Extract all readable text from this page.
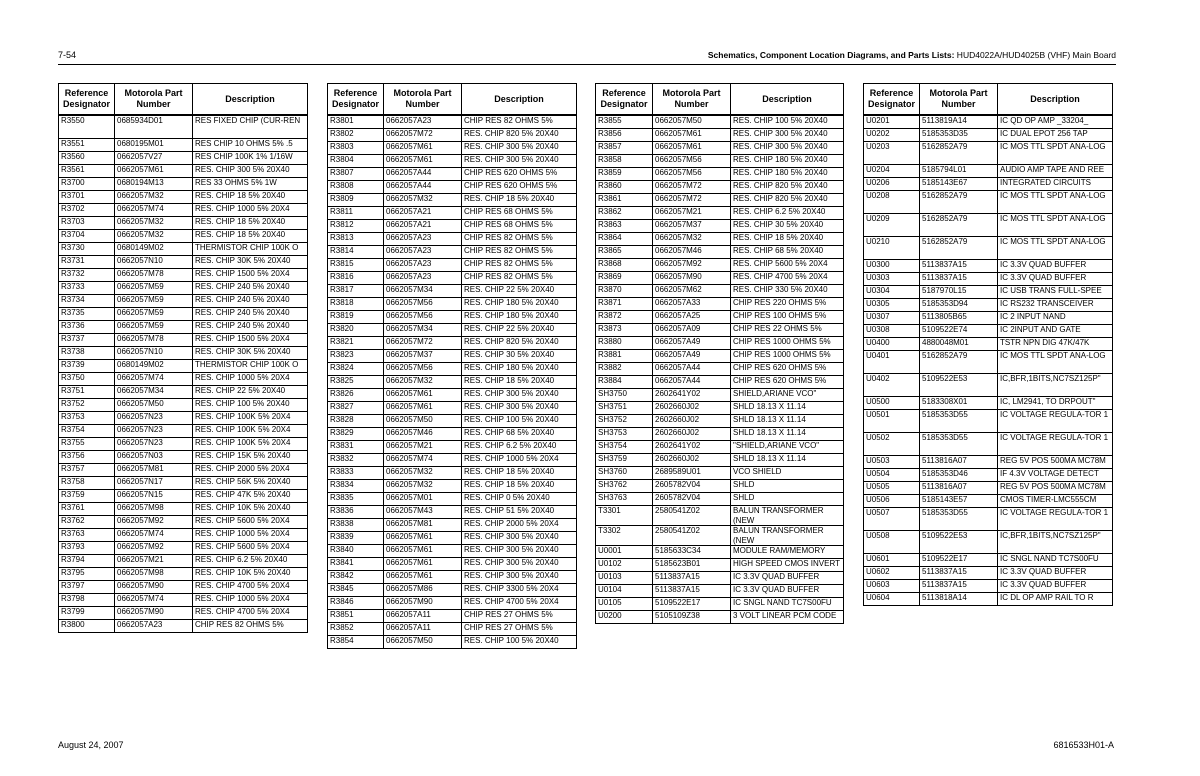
7-54	Schematics, Component Location Diagrams, and Parts Lists: HUD4022A/HUD4025B (VHF) Main Board
Reference Designator	Motorola Part Number	Description
R3550	0685934D01	RES FIXED CHIP (CUR-REN
R3551	0680195M01	RES CHIP 10 OHMS 5% .5
R3560	0662057V27	RES CHIP 100K 1% 1/16W
R3561	0662057M61	RES. CHIP 300 5% 20X40
R3700	0680194M13	RES 33 OHMS 5% 1W
R3701	0662057M32	RES. CHIP 18 5% 20X40
R3702	0662057M74	RES. CHIP 1000 5% 20X4
R3703	0662057M32	RES. CHIP 18 5% 20X40
R3704	0662057M32	RES. CHIP 18 5% 20X40
R3730	0680149M02	THERMISTOR CHIP 100K O
R3731	0662057N10	RES. CHIP 30K 5% 20X40
R3732	0662057M78	RES. CHIP 1500 5% 20X4
R3733	0662057M59	RES. CHIP 240 5% 20X40
R3734	0662057M59	RES. CHIP 240 5% 20X40
R3735	0662057M59	RES. CHIP 240 5% 20X40
R3736	0662057M59	RES. CHIP 240 5% 20X40
R3737	0662057M78	RES. CHIP 1500 5% 20X4
R3738	0662057N10	RES. CHIP 30K 5% 20X40
R3739	0680149M02	THERMISTOR CHIP 100K O
R3750	0662057M74	RES. CHIP 1000 5% 20X4
R3751	0662057M34	RES. CHIP 22 5% 20X40
R3752	0662057M50	RES. CHIP 100 5% 20X40
R3753	0662057N23	RES. CHIP 100K 5% 20X4
R3754	0662057N23	RES. CHIP 100K 5% 20X4
R3755	0662057N23	RES. CHIP 100K 5% 20X4
R3756	0662057N03	RES. CHIP 15K 5% 20X40
R3757	0662057M81	RES. CHIP 2000 5% 20X4
R3758	0662057N17	RES. CHIP 56K 5% 20X40
R3759	0662057N15	RES. CHIP 47K 5% 20X40
R3761	0662057M98	RES. CHIP 10K 5% 20X40
R3762	0662057M92	RES. CHIP 5600 5% 20X4
R3763	0662057M74	RES. CHIP 1000 5% 20X4
R3793	0662057M92	RES. CHIP 5600 5% 20X4
R3794	0662057M21	RES. CHIP 6.2 5% 20X40
R3795	0662057M98	RES. CHIP 10K 5% 20X40
R3797	0662057M90	RES. CHIP 4700 5% 20X4
R3798	0662057M74	RES. CHIP 1000 5% 20X4
R3799	0662057M90	RES. CHIP 4700 5% 20X4
R3800	0662057A23	CHIP RES 82 OHMS 5%
Reference Designator	Motorola Part Number	Description
R3801	0662057A23	CHIP RES 82 OHMS 5%
R3802	0662057M72	RES. CHIP 820 5% 20X40
R3803	0662057M61	RES. CHIP 300 5% 20X40
R3804	0662057M61	RES. CHIP 300 5% 20X40
R3807	0662057A44	CHIP RES 620 OHMS 5%
R3808	0662057A44	CHIP RES 620 OHMS 5%
R3809	0662057M32	RES. CHIP 18 5% 20X40
R3811	0662057A21	CHIP RES 68 OHMS 5%
R3812	0662057A21	CHIP RES 68 OHMS 5%
R3813	0662057A23	CHIP RES 82 OHMS 5%
R3814	0662057A23	CHIP RES 82 OHMS 5%
R3815	0662057A23	CHIP RES 82 OHMS 5%
R3816	0662057A23	CHIP RES 82 OHMS 5%
R3817	0662057M34	RES. CHIP 22 5% 20X40
R3818	0662057M56	RES. CHIP 180 5% 20X40
R3819	0662057M56	RES. CHIP 180 5% 20X40
R3820	0662057M34	RES. CHIP 22 5% 20X40
R3821	0662057M72	RES. CHIP 820 5% 20X40
R3823	0662057M37	RES. CHIP 30 5% 20X40
R3824	0662057M56	RES. CHIP 180 5% 20X40
R3825	0662057M32	RES. CHIP 18 5% 20X40
R3826	0662057M61	RES. CHIP 300 5% 20X40
R3827	0662057M61	RES. CHIP 300 5% 20X40
R3828	0662057M50	RES. CHIP 100 5% 20X40
R3829	0662057M46	RES. CHIP 68 5% 20X40
R3831	0662057M21	RES. CHIP 6.2 5% 20X40
R3832	0662057M74	RES. CHIP 1000 5% 20X4
R3833	0662057M32	RES. CHIP 18 5% 20X40
R3834	0662057M32	RES. CHIP 18 5% 20X40
R3835	0662057M01	RES. CHIP 0 5% 20X40
R3836	0662057M43	RES. CHIP 51 5% 20X40
R3838	0662057M81	RES. CHIP 2000 5% 20X4
R3839	0662057M61	RES. CHIP 300 5% 20X40
R3840	0662057M61	RES. CHIP 300 5% 20X40
R3841	0662057M61	RES. CHIP 300 5% 20X40
R3842	0662057M61	RES. CHIP 300 5% 20X40
R3845	0662057M86	RES. CHIP 3300 5% 20X4
R3846	0662057M90	RES. CHIP 4700 5% 20X4
R3851	0662057A11	CHIP RES 27 OHMS 5%
R3852	0662057A11	CHIP RES 27 OHMS 5%
R3854	0662057M50	RES. CHIP 100 5% 20X40
Reference Designator	Motorola Part Number	Description
R3855	0662057M50	RES. CHIP 100 5% 20X40
R3856	0662057M61	RES. CHIP 300 5% 20X40
R3857	0662057M61	RES. CHIP 300 5% 20X40
R3858	0662057M56	RES. CHIP 180 5% 20X40
R3859	0662057M56	RES. CHIP 180 5% 20X40
R3860	0662057M72	RES. CHIP 820 5% 20X40
R3861	0662057M72	RES. CHIP 820 5% 20X40
R3862	0662057M21	RES. CHIP 6.2 5% 20X40
R3863	0662057M37	RES. CHIP 30 5% 20X40
R3864	0662057M32	RES. CHIP 18 5% 20X40
R3865	0662057M46	RES. CHIP 68 5% 20X40
R3868	0662057M92	RES. CHIP 5600 5% 20X4
R3869	0662057M90	RES. CHIP 4700 5% 20X4
R3870	0662057M62	RES. CHIP 330 5% 20X40
R3871	0662057A33	CHIP RES 220 OHMS 5%
R3872	0662057A25	CHIP RES 100 OHMS 5%
R3873	0662057A09	CHIP RES 22 OHMS 5%
R3880	0662057A49	CHIP RES 1000 OHMS 5%
R3881	0662057A49	CHIP RES 1000 OHMS 5%
R3882	0662057A44	CHIP RES 620 OHMS 5%
R3884	0662057A44	CHIP RES 620 OHMS 5%
SH3750	2602641Y02	SHIELD,ARIANE VCO"
SH3751	2602660J02	SHLD 18.13 X 11.14
SH3752	2602660J02	SHLD 18.13 X 11.14
SH3753	2602660J02	SHLD 18.13 X 11.14
SH3754	2602641Y02	"SHIELD,ARIANE VCO"
SH3759	2602660J02	SHLD 18.13 X 11.14
SH3760	2689589U01	VCO SHIELD
SH3762	2605782V04	SHLD
SH3763	2605782V04	SHLD
T3301	2580541Z02	BALUN TRANSFORMER (NEW
T3302	2580541Z02	BALUN TRANSFORMER (NEW
U0001	5185633C34	MODULE RAM/MEMORY
U0102	5185623B01	HIGH SPEED CMOS INVERT
U0103	5113837A15	IC 3.3V QUAD BUFFER
U0104	5113837A15	IC 3.3V QUAD BUFFER
U0105	5109522E17	IC SNGL NAND TC7S00FU
U0200	5105109Z38	3 VOLT LINEAR PCM CODE
Reference Designator	Motorola Part Number	Description
U0201	5113819A14	IC QD OP AMP _33204_
U0202	5185353D35	IC DUAL EPOT 256 TAP
U0203	5162852A79	IC MOS TTL SPDT ANA-LOG
U0204	5185794L01	AUDIO AMP TAPE AND REE
U0206	5185143E67	INTEGRATED CIRCUITS
U0208	5162852A79	IC MOS TTL SPDT ANA-LOG
U0209	5162852A79	IC MOS TTL SPDT ANA-LOG
U0210	5162852A79	IC MOS TTL SPDT ANA-LOG
U0300	5113837A15	IC 3.3V QUAD BUFFER
U0303	5113837A15	IC 3.3V QUAD BUFFER
U0304	5187970L15	IC USB TRANS FULL-SPEE
U0305	5185353D94	IC RS232 TRANSCEIVER
U0307	5113805B65	IC 2 INPUT NAND
U0308	5109522E74	IC 2INPUT AND GATE
U0400	4880048M01	TSTR NPN DIG 47K/47K
U0401	5162852A79	IC MOS TTL SPDT ANA-LOG
U0402	5109522E53	IC,BFR,1BITS,NC7SZ125P"
U0500	5183308X01	IC, LM2941, TO DRPOUT"
U0501	5185353D55	IC VOLTAGE REGULA-TOR 1
U0502	5185353D55	IC VOLTAGE REGULA-TOR 1
U0503	5113816A07	REG 5V POS 500MA MC78M
U0504	5185353D46	IF 4.3V VOLTAGE DETECT
U0505	5113816A07	REG 5V POS 500MA MC78M
U0506	5185143E57	CMOS TIMER-LMC555CM
U0507	5185353D55	IC VOLTAGE REGULA-TOR 1
U0508	5109522E53	IC,BFR,1BITS,NC7SZ125P"
U0601	5109522E17	IC SNGL NAND TC7S00FU
U0602	5113837A15	IC 3.3V QUAD BUFFER
U0603	5113837A15	IC 3.3V QUAD BUFFER
U0604	5113818A14	IC DL OP AMP RAIL TO R
August 24, 2007	6816533H01-A
